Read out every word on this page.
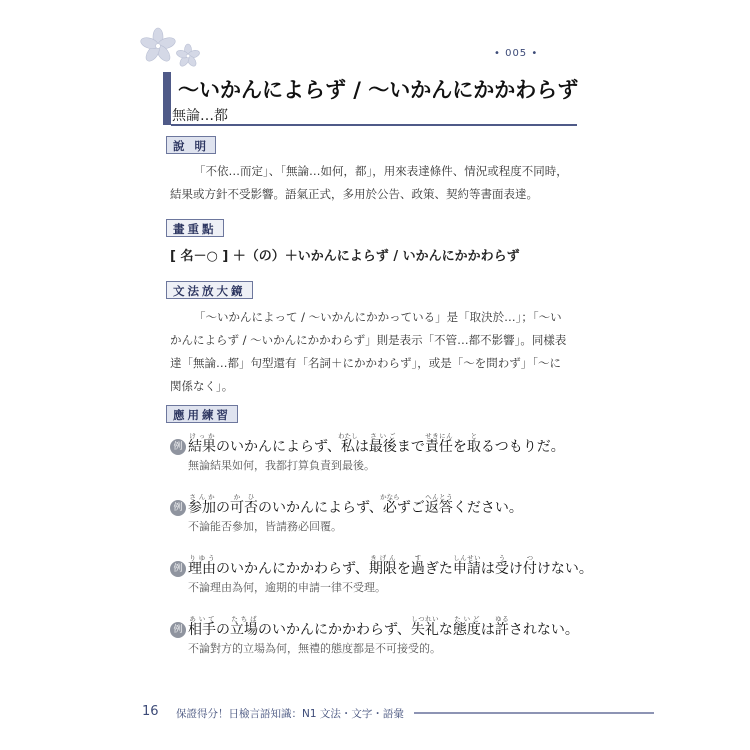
• 005 •
～いかんによらず / ～いかんにかかわらず
無論…都
說 明
「不依…而定」、「無論…如何，都」，用來表達條件、情況或程度不同時，
結果或方針不受影響。語氣正式，多用於公告、政策、契約等書面表達。
畫重點
[ 名－○ ] ＋（の）＋いかんによらず / いかんにかかわらず
文法放大鏡
「～いかんによって / ～いかんにかかっている」是「取決於…」；「～い
かんによらず / ～いかんにかかわらず」則是表示「不管…都不影響」。同樣表
達「無論…都」句型還有「名詞＋にかかわらず」，或是「～を問わず」「～に
関係なく」。
應用練習
例 結果けっかのいかんによらず、私わたしは最後さいごまで責任せきにんを取とるつもりだ。
無論結果如何，我都打算負責到最後。
例 参加さんかの可否かひのいかんによらず、必かならずご返答へんとうください。
不論能否參加，皆請務必回覆。
例 理由りゆうのいかんにかかわらず、期限きげんを過すぎた申請しんせいは受うけ付つけない。
不論理由為何，逾期的申請一律不受理。
例 相手あいての立場たちばのいかんにかかわらず、失礼しつれいな態度たいどは許ゆるされない。
不論對方的立場為何，無禮的態度都是不可接受的。
16 保證得分！日檢言語知識：N1 文法・文字・語彙
